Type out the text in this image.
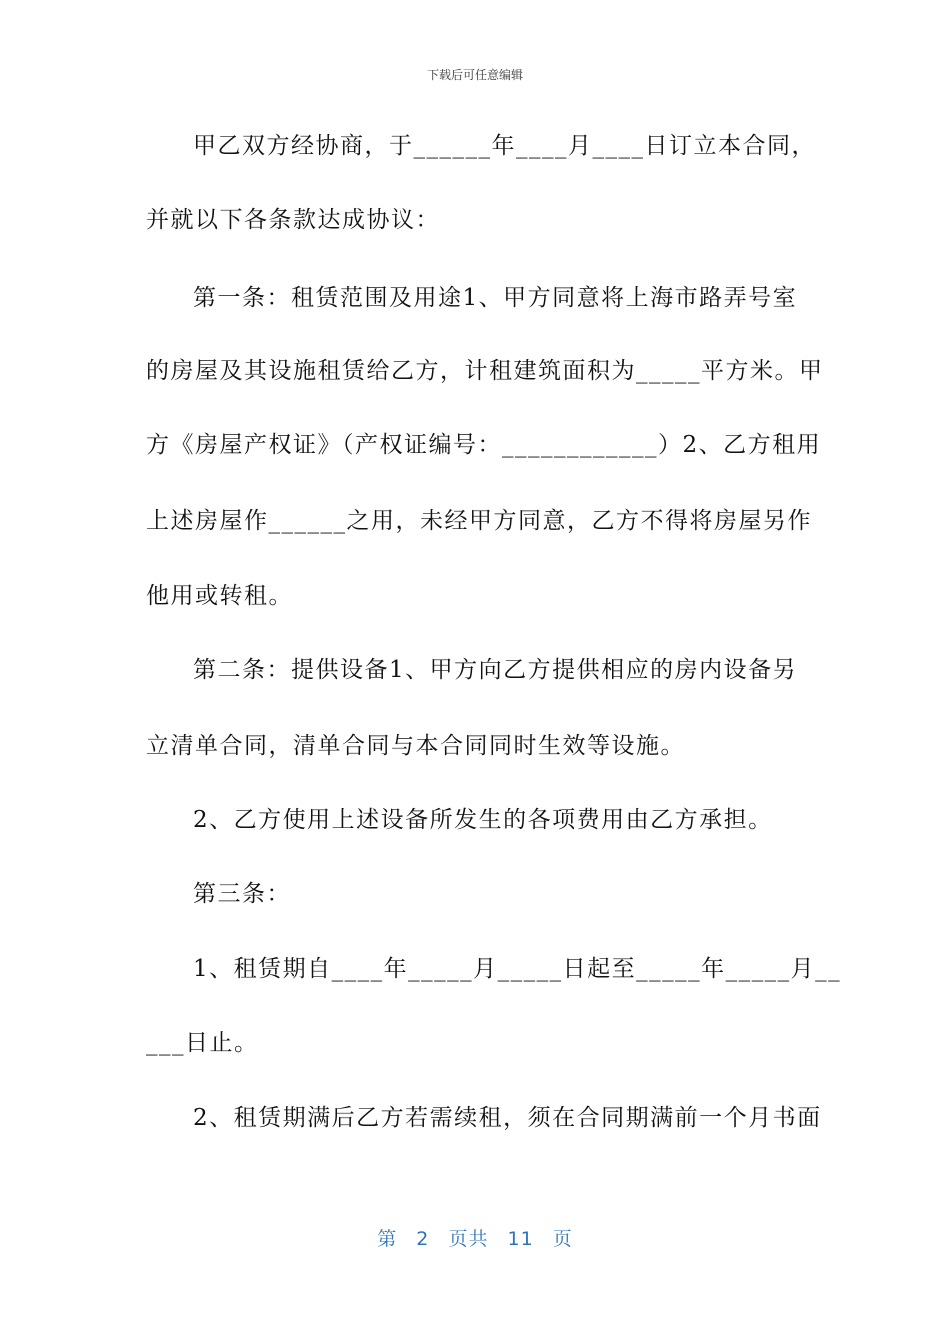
下载后可任意编辑
甲乙双方经协商，于______年____月____日订立本合同，
并就以下各条款达成协议：
第一条：租赁范围及用途1、甲方同意将上海市路弄号室
的房屋及其设施租赁给乙方，计租建筑面积为_____平方米。甲
方《房屋产权证》（产权证编号：____________）2、乙方租用
上述房屋作______之用，未经甲方同意，乙方不得将房屋另作
他用或转租。
第二条：提供设备1、甲方向乙方提供相应的房内设备另
立清单合同，清单合同与本合同同时生效等设施。
2、乙方使用上述设备所发生的各项费用由乙方承担。
第三条：
1、租赁期自____年_____月_____日起至_____年_____月__
___日止。
2、租赁期满后乙方若需续租，须在合同期满前一个月书面
第 2 页共 11 页
